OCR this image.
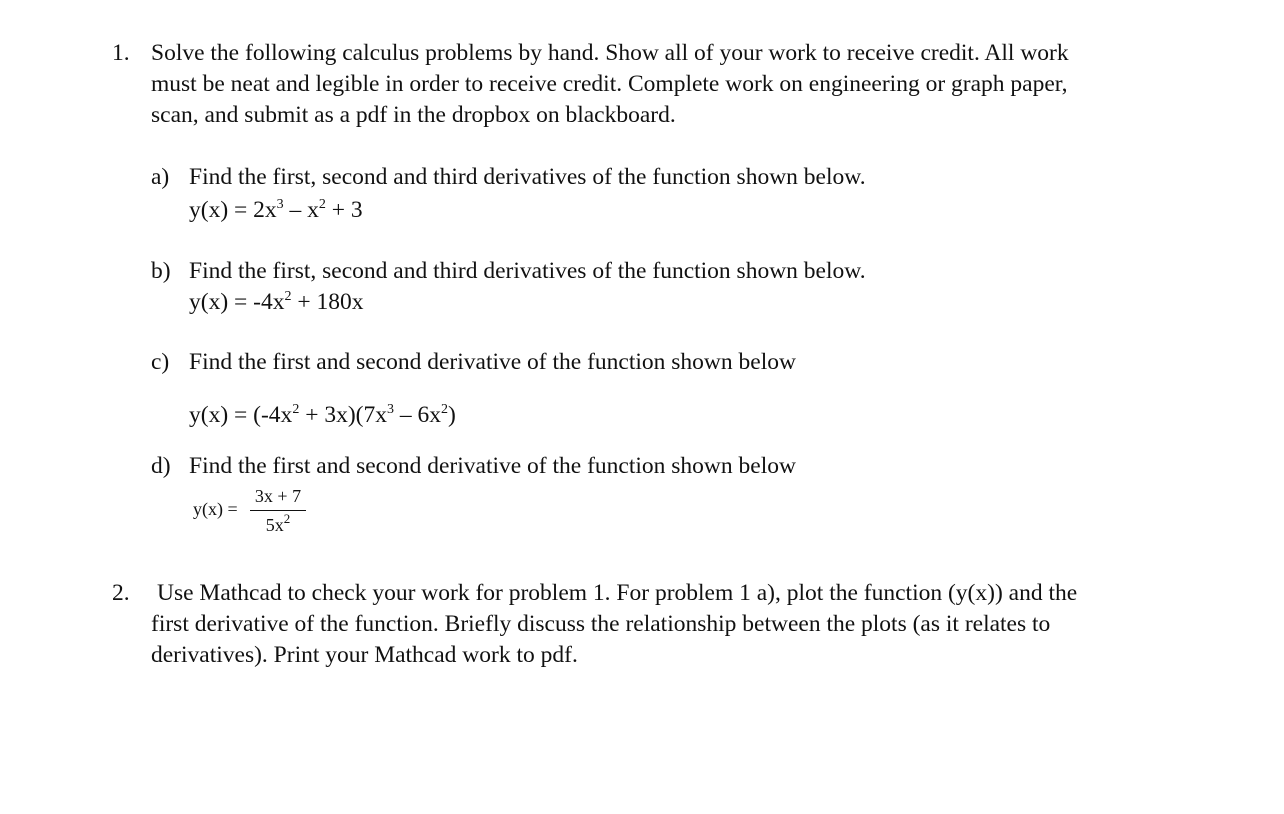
1. Solve the following calculus problems by hand. Show all of your work to receive credit. All work
must be neat and legible in order to receive credit. Complete work on engineering or graph paper,
scan, and submit as a pdf in the dropbox on blackboard.
a) Find the first, second and third derivatives of the function shown below.
$y(x) = 2x^3 - x^2 + 3$
b) Find the first, second and third derivatives of the function shown below.
$y(x) = -4x^2 + 180x$
c) Find the first and second derivative of the function shown below
$y(x) = (-4x^2 + 3x)(7x^3 - 6x^2)$
d) Find the first and second derivative of the function shown below
y(x) =
3x + 7
$5x^2$
2. Use Mathcad to check your work for problem 1. For problem 1 a), plot the function (y(x)) and the
first derivative of the function. Briefly discuss the relationship between the plots (as it relates to
derivatives). Print your Mathcad work to pdf.
